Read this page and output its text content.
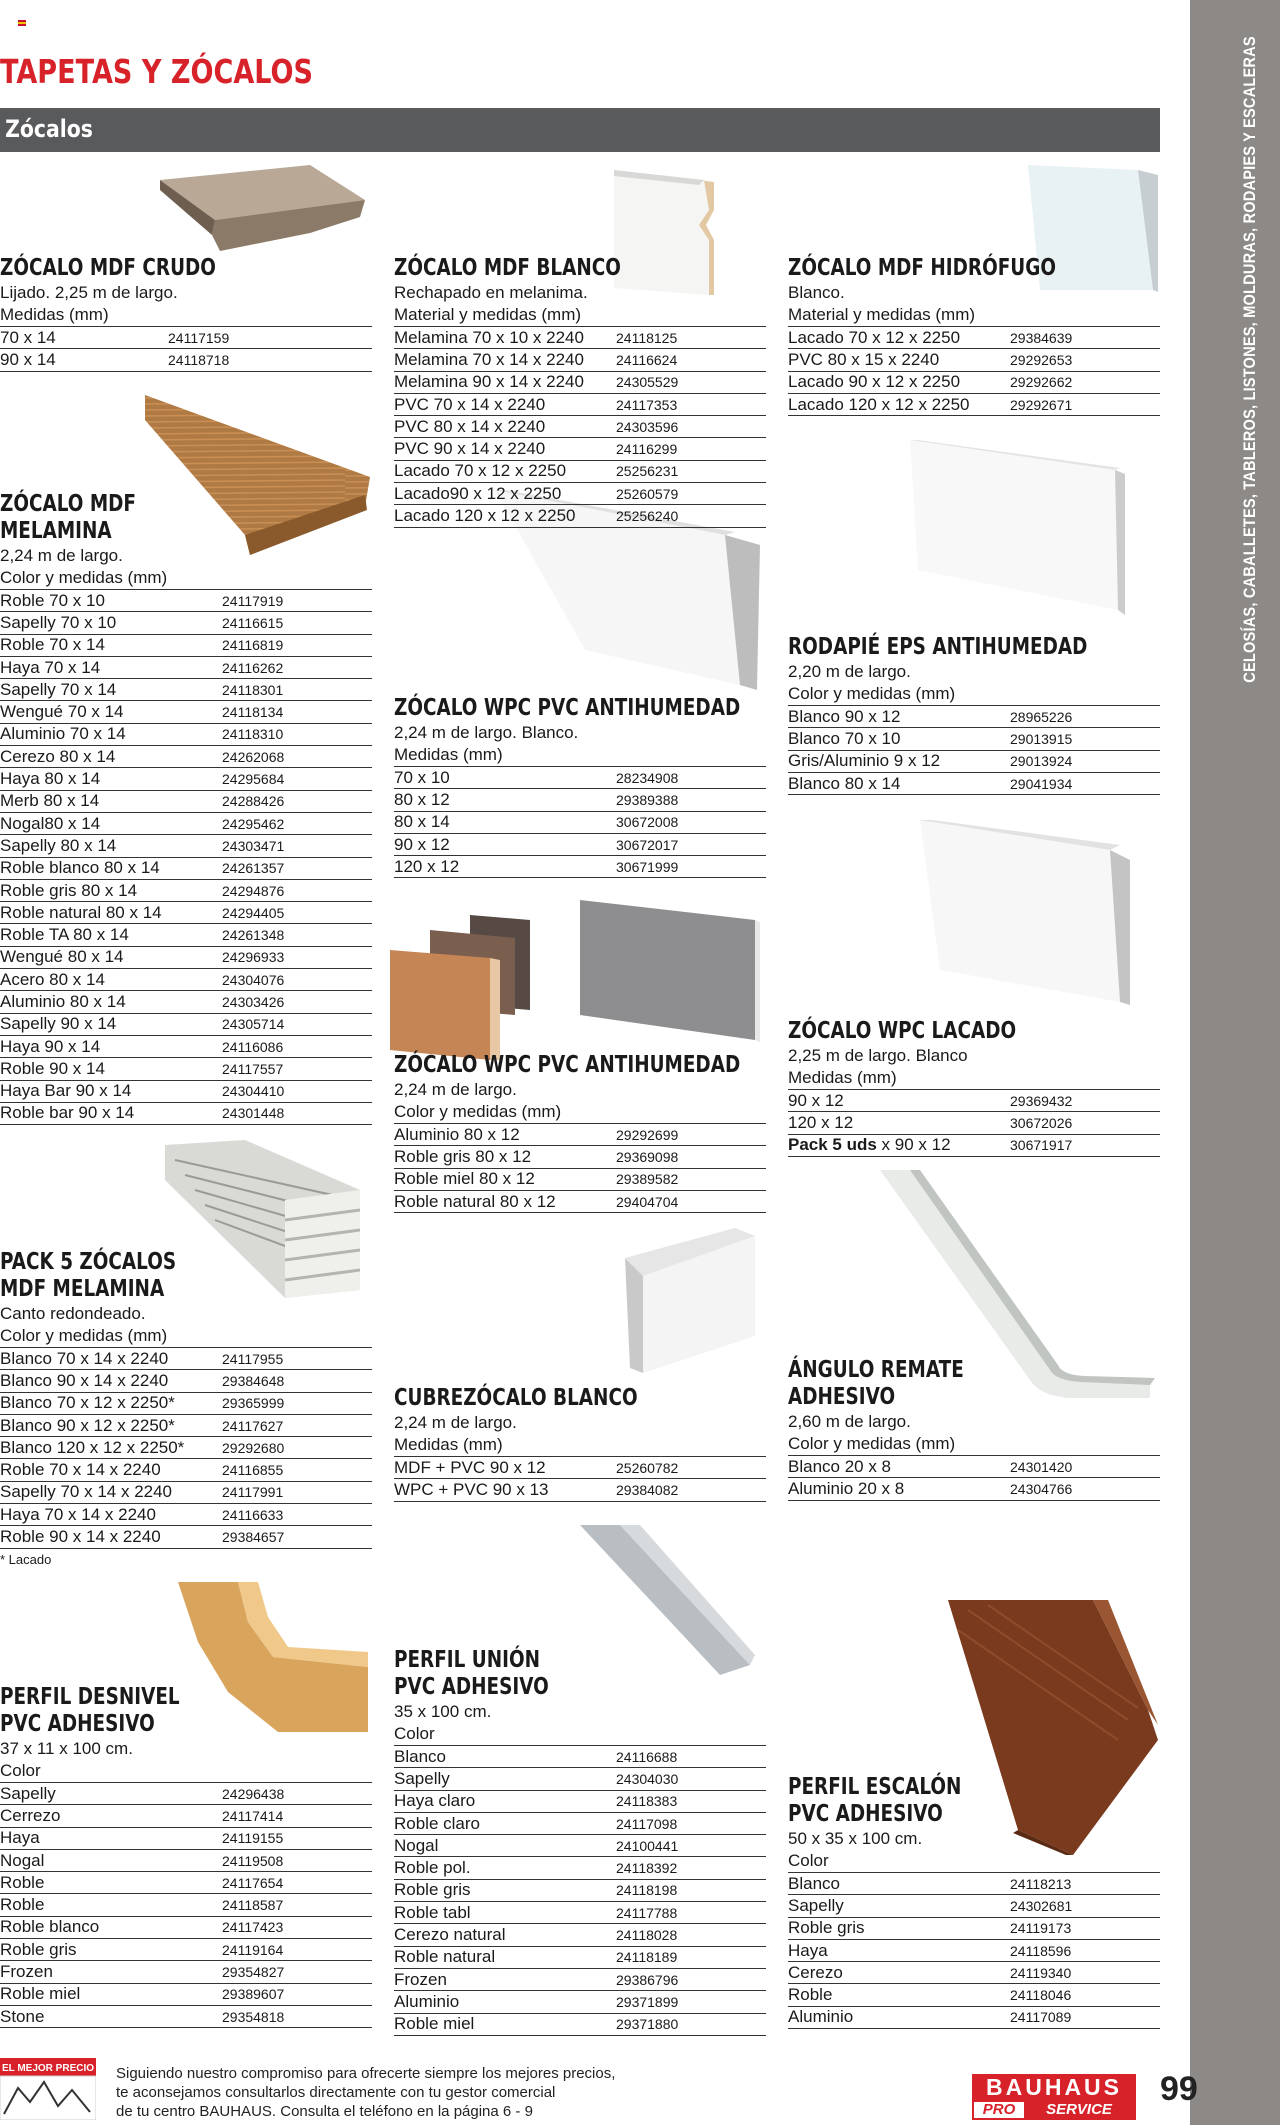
TAPETAS Y ZÓCALOS
Zócalos	CELOSÍAS, CABALLETES, TABLEROS, LISTONES, MOLDURAS, RODAPIES Y ESCALERAS
ZÓCALO MDF CRUDO
Lijado. 2,25 m de largo.
Medidas (mm)
70 x 14	24117159
90 x 14	24118718
ZÓCALO MDF
MELAMINA
2,24 m de largo.
Color y medidas (mm)
Roble 70 x 10	24117919
Sapelly 70 x 10	24116615
Roble 70 x 14	24116819
Haya 70 x 14	24116262
Sapelly 70 x 14	24118301
Wengué 70 x 14	24118134
Aluminio 70 x 14	24118310
Cerezo 80 x 14	24262068
Haya 80 x 14	24295684
Merb 80 x 14	24288426
Nogal80 x 14	24295462
Sapelly 80 x 14	24303471
Roble blanco 80 x 14	24261357
Roble gris 80 x 14	24294876
Roble natural 80 x 14	24294405
Roble TA 80 x 14	24261348
Wengué 80 x 14	24296933
Acero 80 x 14	24304076
Aluminio 80 x 14	24303426
Sapelly 90 x 14	24305714
Haya 90 x 14	24116086
Roble 90 x 14	24117557
Haya Bar 90 x 14	24304410
Roble bar 90 x 14	24301448
PACK 5 ZÓCALOS
MDF MELAMINA
Canto redondeado.
Color y medidas (mm)
Blanco 70 x 14 x 2240	24117955
Blanco 90 x 14 x 2240	29384648
Blanco 70 x 12 x 2250*	29365999
Blanco 90 x 12 x 2250*	24117627
Blanco 120 x 12 x 2250*	29292680
Roble 70 x 14 x 2240	24116855
Sapelly 70 x 14 x 2240	24117991
Haya 70 x 14 x 2240	24116633
Roble 90 x 14 x 2240	29384657
* Lacado
PERFIL DESNIVEL
PVC ADHESIVO
37 x 11 x 100 cm.
Color
Sapelly	24296438
Cerrezo	24117414
Haya	24119155
Nogal	24119508
Roble	24117654
Roble	24118587
Roble blanco	24117423
Roble gris	24119164
Frozen	29354827
Roble miel	29389607
Stone	29354818
ZÓCALO MDF BLANCO
Rechapado en melanima.
Material y medidas (mm)
Melamina 70 x 10 x 2240 24118125
Melamina 70 x 14 x 2240 24116624
Melamina 90 x 14 x 2240 24305529
PVC 70 x 14 x 2240	24117353
PVC 80 x 14 x 2240	24303596
PVC 90 x 14 x 2240	24116299
Lacado 70 x 12 x 2250	25256231
Lacado90 x 12 x 2250	25260579
Lacado 120 x 12 x 2250	25256240
ZÓCALO WPC PVC ANTIHUMEDAD
2,24 m de largo. Blanco.
Medidas (mm)
70 x 10	28234908
80 x 12	29389388
80 x 14	30672008
90 x 12	30672017
120 x 12	30671999
ZÓCALO WPC PVC ANTIHUMEDAD
2,24 m de largo.
Color y medidas (mm)
Aluminio 80 x 12	29292699
Roble gris 80 x 12	29369098
Roble miel 80 x 12	29389582
Roble natural 80 x 12	29404704
CUBREZÓCALO BLANCO
2,24 m de largo.
Medidas (mm)
MDF + PVC 90 x 12	25260782
WPC + PVC 90 x 13	29384082
PERFIL UNIÓN
PVC ADHESIVO
35 x 100 cm.
Color
Blanco	24116688
Sapelly	24304030
Haya claro	24118383
Roble claro	24117098
Nogal	24100441
Roble pol.	24118392
Roble gris	24118198
Roble tabl	24117788
Cerezo natural	24118028
Roble natural	24118189
Frozen	29386796
Aluminio	29371899
Roble miel	29371880
ZÓCALO MDF HIDRÓFUGO
Blanco.
Material y medidas (mm)
Lacado 70 x 12 x 2250	29384639
PVC 80 x 15 x 2240	29292653
Lacado 90 x 12 x 2250	29292662
Lacado 120 x 12 x 2250	29292671
RODAPIÉ EPS ANTIHUMEDAD
2,20 m de largo.
Color y medidas (mm)
Blanco 90 x 12	28965226
Blanco 70 x 10	29013915
Gris/Aluminio 9 x 12	29013924
Blanco 80 x 14	29041934
ZÓCALO WPC LACADO
2,25 m de largo. Blanco
Medidas (mm)
90 x 12	29369432
120 x 12	30672026
Pack 5 uds x 90 x 12	30671917
ÁNGULO REMATE
ADHESIVO
2,60 m de largo.
Color y medidas (mm)
Blanco 20 x 8	24301420
Aluminio 20 x 8	24304766
PERFIL ESCALÓN
PVC ADHESIVO
50 x 35 x 100 cm.
Color
Blanco	24118213
Sapelly	24302681
Roble gris	24119173
Haya	24118596
Cerezo	24119340
Roble	24118046
Aluminio	24117089
EL MEJOR PRECIO Siguiendo nuestro compromiso para ofrecerte siempre los mejores precios,
te aconsejamos consultarlos directamente con tu gestor comercial
de tu centro BAUHAUS. Consulta el teléfono en la página 6 - 9
BAUHAUS
PRO	SERVICE
99
